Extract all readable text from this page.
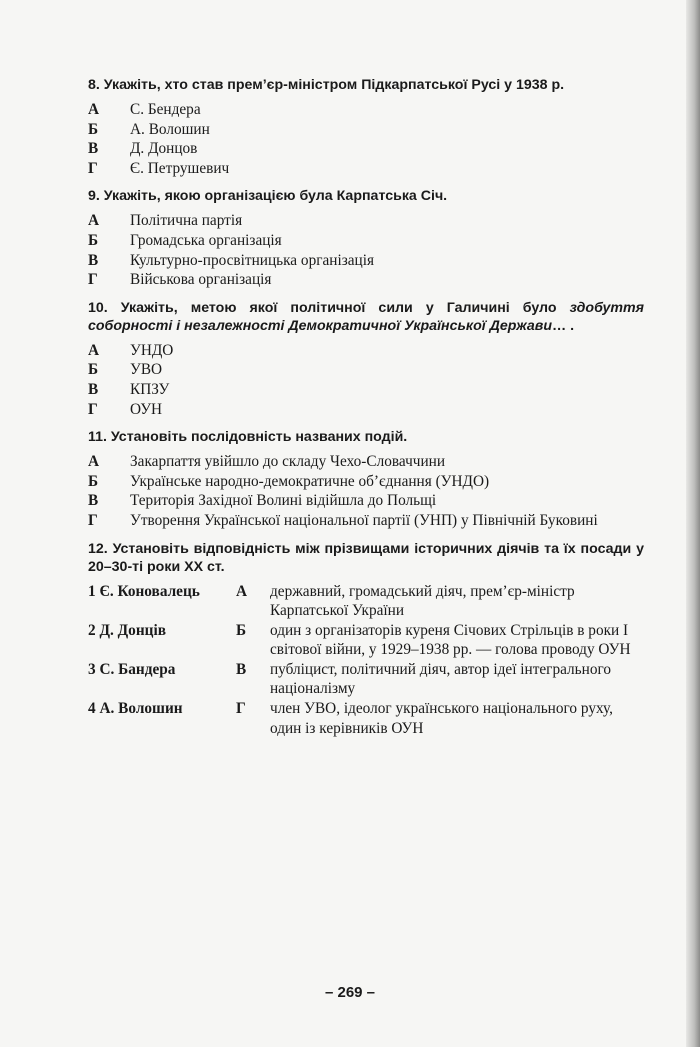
8. Укажіть, хто став прем’єр-міністром Підкарпатської Русі у 1938 р.
А	С. Бендера
Б	А. Волошин
В	Д. Донцов
Г	Є. Петрушевич
9. Укажіть, якою організацією була Карпатська Січ.
А	Політична партія
Б	Громадська організація
В	Культурно-просвітницька організація
Г	Військова організація
10. Укажіть, метою якої політичної сили у Галичині було здобуття соборності і незалежності Демократичної Української Держави… .
А	УНДО
Б	УВО
В	КПЗУ
Г	ОУН
11. Установіть послідовність названих подій.
А	Закарпаття увійшло до складу Чехо-Словаччини
Б	Українське народно-демократичне об’єднання (УНДО)
В	Територія Західної Волині відійшла до Польщі
Г	Утворення Української національної партії (УНП) у Північній Буковині
12. Установіть відповідність між прізвищами історичних діячів та їх посади у 20–30-ті роки XX ст.
1 Є. Коновалець	А	державний, громадський діяч, прем’єр-міністр Карпатської України
2 Д. Донців	Б	один з організаторів куреня Січових Стрільців в роки І світової війни, у 1929–1938 рр. — голова проводу ОУН
3 С. Бандера	В	публіцист, політичний діяч, автор ідеї інтегрального націоналізму
4 А. Волошин	Г	член УВО, ідеолог українського національного руху, один із керівників ОУН
– 269 –
